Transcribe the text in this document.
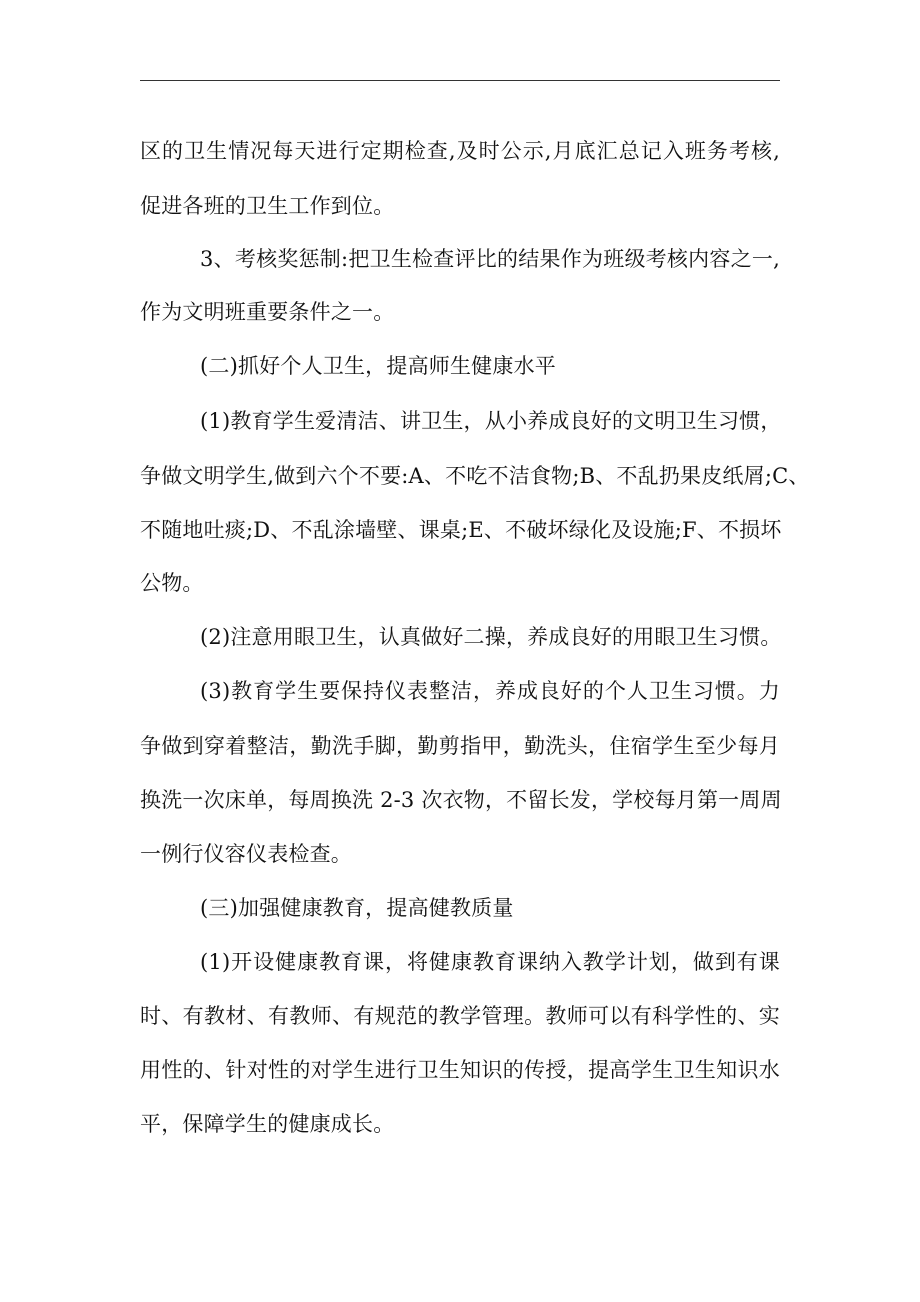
区的卫生情况每天进行定期检查,及时公示,月底汇总记入班务考核,
促进各班的卫生工作到位。
3、考核奖惩制:把卫生检查评比的结果作为班级考核内容之一,
作为文明班重要条件之一。
(二)抓好个人卫生，提高师生健康水平
(1)教育学生爱清洁、讲卫生，从小养成良好的文明卫生习惯，
争做文明学生,做到六个不要:A、不吃不洁食物;B、不乱扔果皮纸屑;C、
不随地吐痰;D、不乱涂墙壁、课桌;E、不破坏绿化及设施;F、不损坏
公物。
(2)注意用眼卫生，认真做好二操，养成良好的用眼卫生习惯。
(3)教育学生要保持仪表整洁，养成良好的个人卫生习惯。力
争做到穿着整洁，勤洗手脚，勤剪指甲，勤洗头，住宿学生至少每月
换洗一次床单，每周换洗 2-3 次衣物，不留长发，学校每月第一周周
一例行仪容仪表检查。
(三)加强健康教育，提高健教质量
(1)开设健康教育课，将健康教育课纳入教学计划，做到有课
时、有教材、有教师、有规范的教学管理。教师可以有科学性的、实
用性的、针对性的对学生进行卫生知识的传授，提高学生卫生知识水
平，保障学生的健康成长。
